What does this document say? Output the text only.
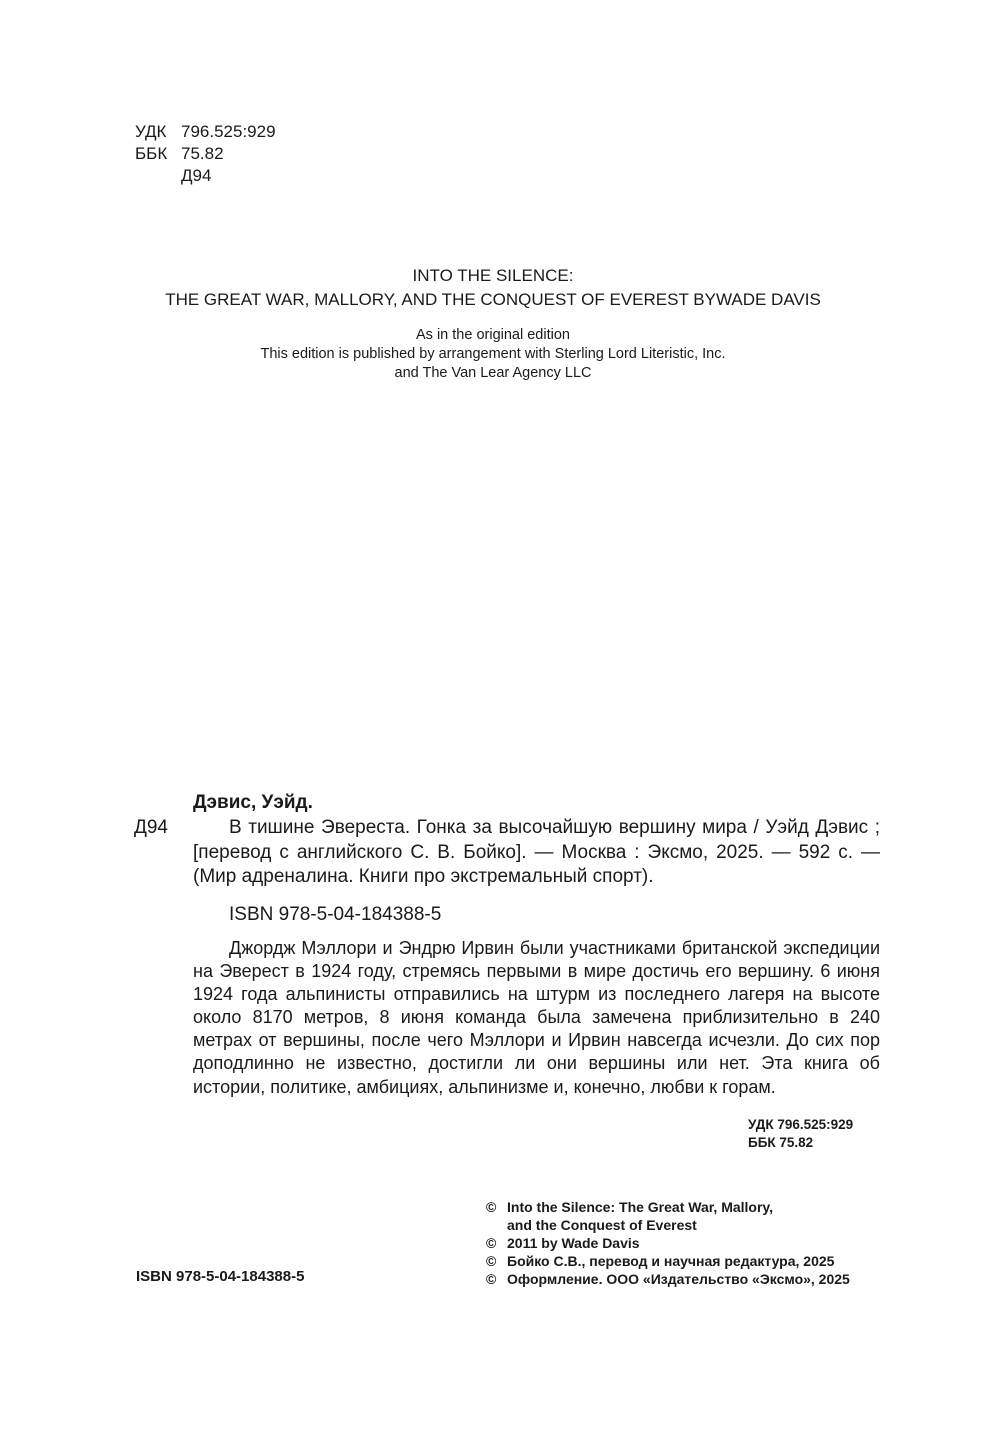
УДК 796.525:929
ББК 75.82
Д94
INTO THE SILENCE:
THE GREAT WAR, MALLORY, AND THE CONQUEST OF EVEREST BYWADE DAVIS
As in the original edition
This edition is published by arrangement with Sterling Lord Literistic, Inc.
and The Van Lear Agency LLC
Дэвис, Уэйд.
Д94	В тишине Эвереста. Гонка за высочайшую вершину мира / Уэйд Дэвис ; [перевод с английского С. В. Бойко]. — Москва : Эксмо, 2025. — 592 с. — (Мир адреналина. Книги про экстремальный спорт).

ISBN 978-5-04-184388-5

Джордж Мэллори и Эндрю Ирвин были участниками британской экспедиции на Эверест в 1924 году, стремясь первыми в мире достичь его вершину. 6 июня 1924 года альпинисты отправились на штурм из последнего лагеря на высоте около 8170 метров, 8 июня команда была замечена приблизительно в 240 метрах от вершины, после чего Мэллори и Ирвин навсегда исчезли. До сих пор доподлинно не известно, достигли ли они вершины или нет. Эта книга об истории, политике, амбициях, альпинизме и, конечно, любви к горам.

УДК 796.525:929
ББК 75.82
© Into the Silence: The Great War, Mallory,
and the Conquest of Everest
© 2011 by Wade Davis
© Бойко С.В., перевод и научная редактура, 2025
© Оформление. ООО «Издательство «Эксмо», 2025
ISBN 978-5-04-184388-5
